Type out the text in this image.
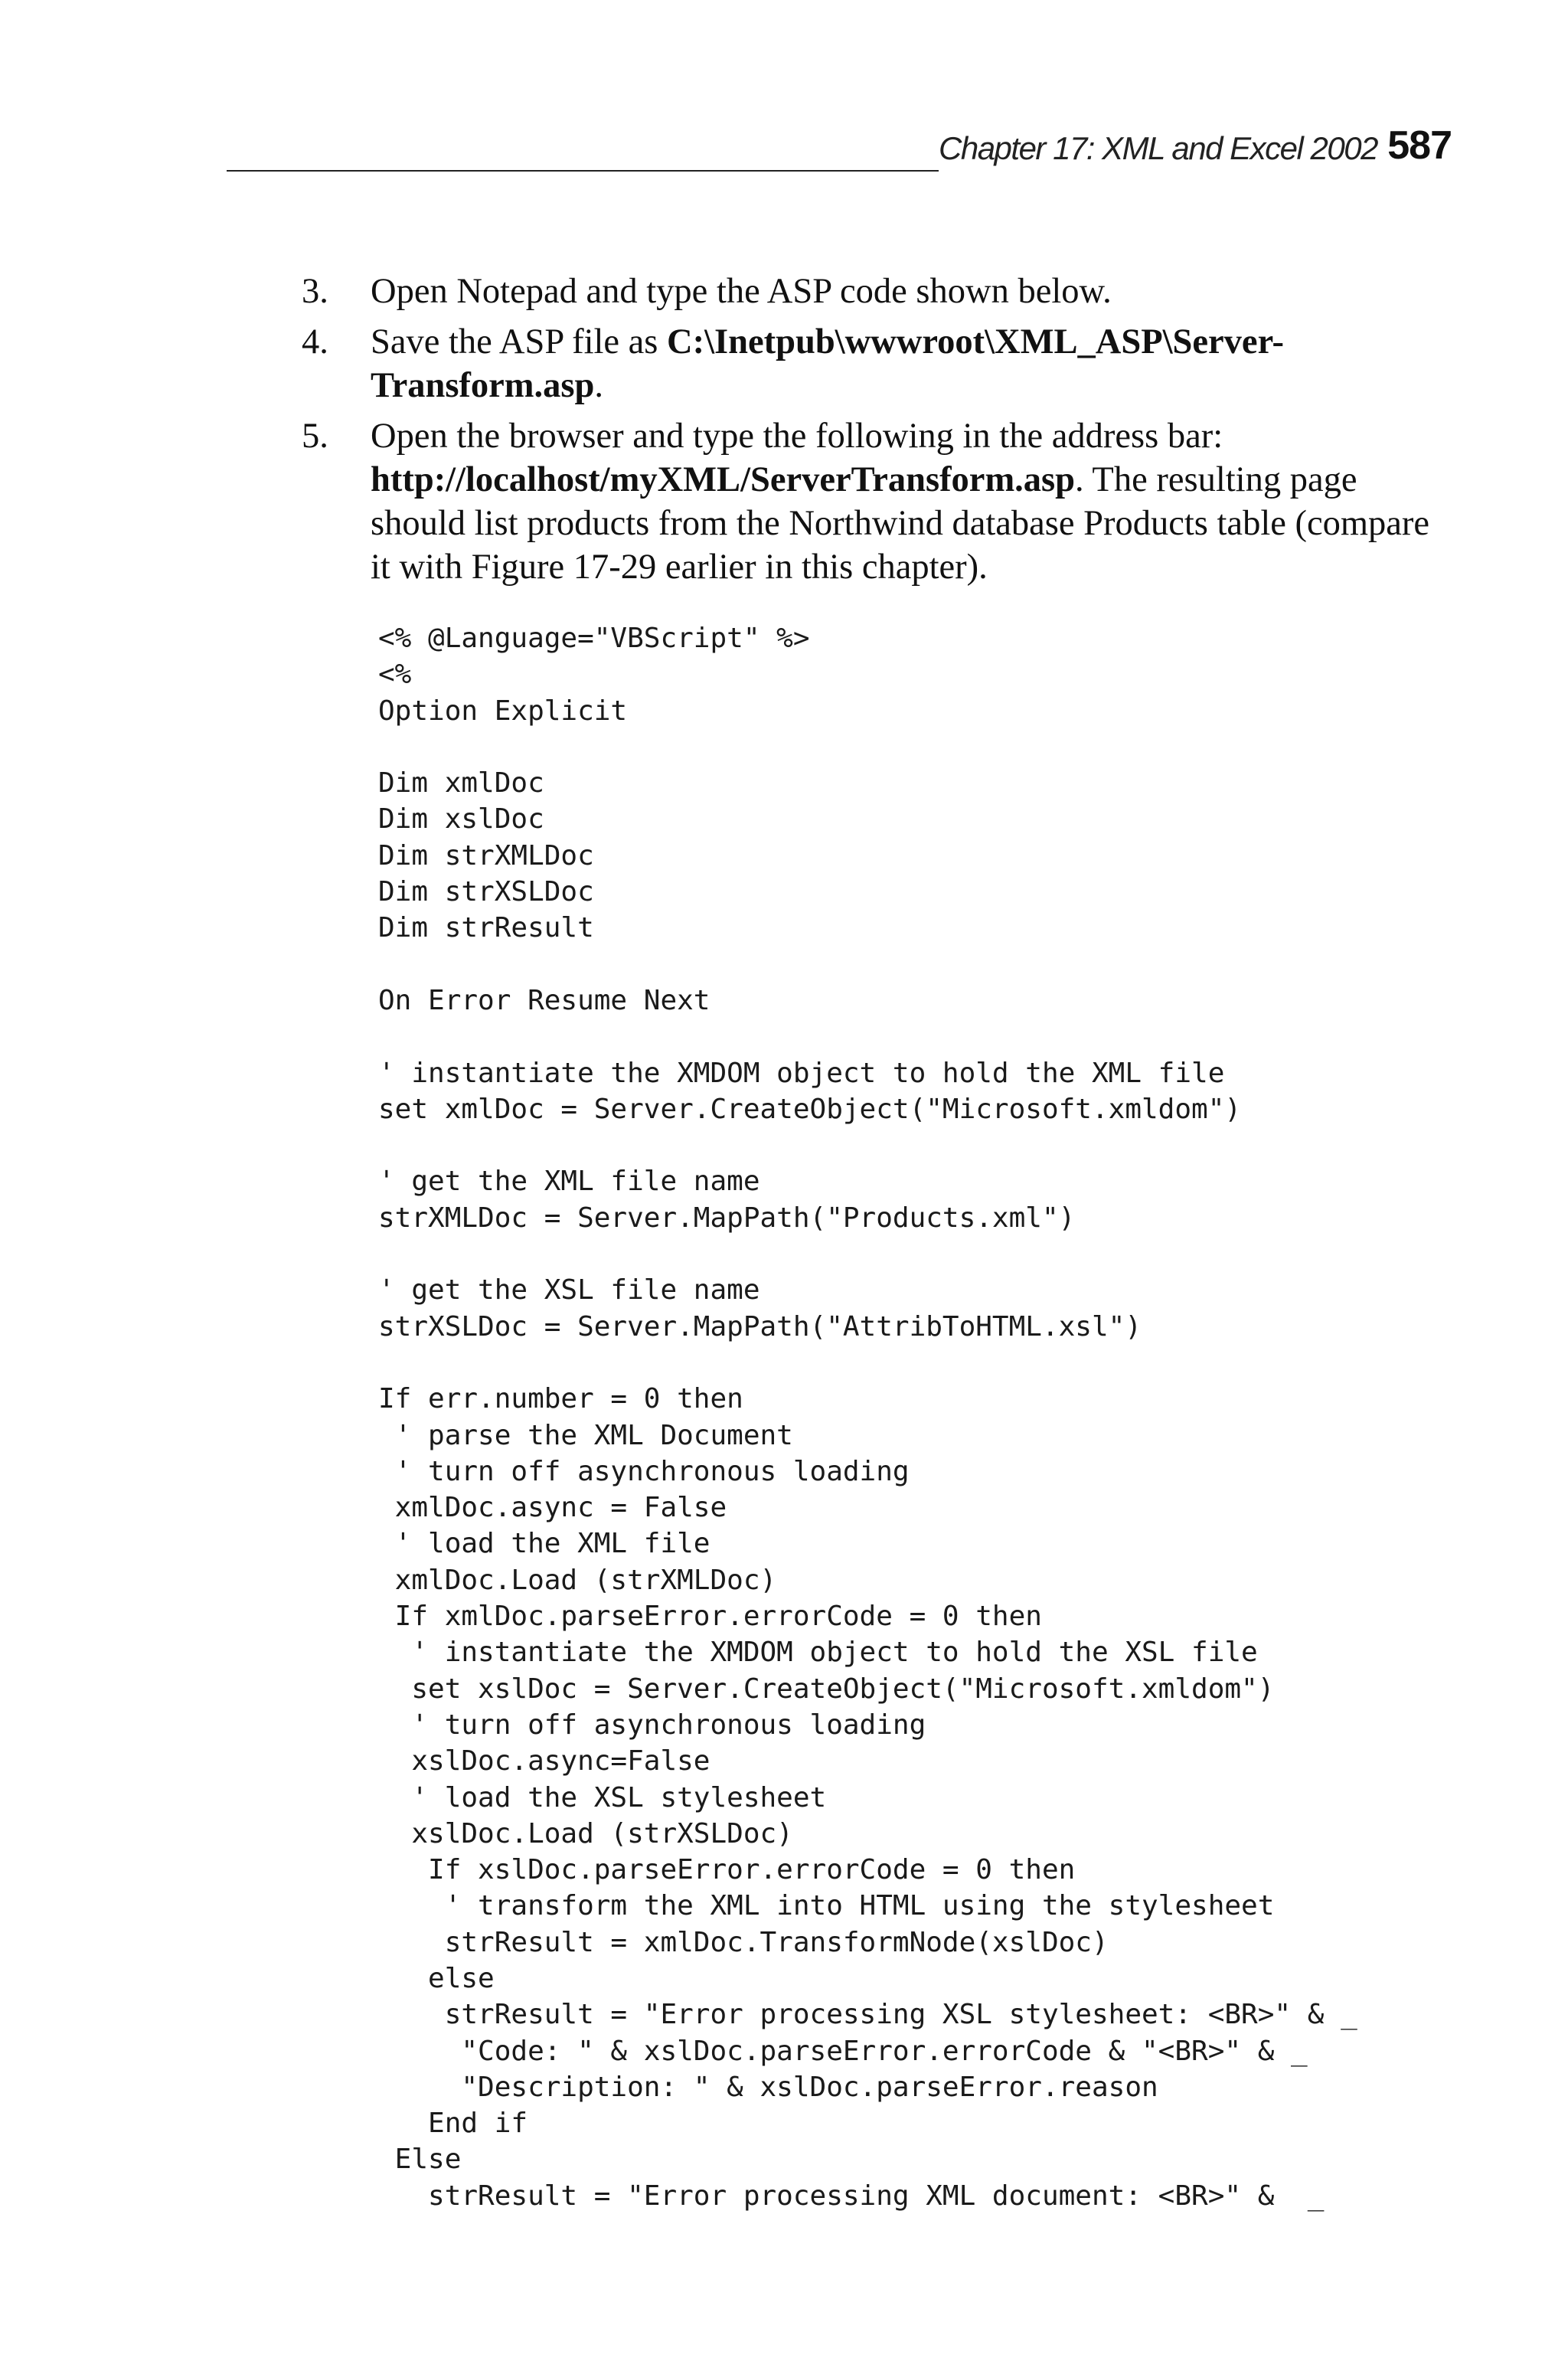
Chapter 17: XML and Excel 2002 587
3. Open Notepad and type the ASP code shown below.
4. Save the ASP file as C:\Inetpub\wwwroot\XML_ASP\Server-Transform.asp.
5. Open the browser and type the following in the address bar: http://localhost/myXML/ServerTransform.asp. The resulting page should list products from the Northwind database Products table (compare it with Figure 17-29 earlier in this chapter).
<% @Language="VBScript" %>
<%
Option Explicit

Dim xmlDoc
Dim xslDoc
Dim strXMLDoc
Dim strXSLDoc
Dim strResult

On Error Resume Next

' instantiate the XMDOM object to hold the XML file
set xmlDoc = Server.CreateObject("Microsoft.xmldom")

' get the XML file name
strXMLDoc = Server.MapPath("Products.xml")

' get the XSL file name
strXSLDoc = Server.MapPath("AttribToHTML.xsl")

If err.number = 0 then
' parse the XML Document
' turn off asynchronous loading
xmlDoc.async = False
' load the XML file
xmlDoc.Load (strXMLDoc)
If xmlDoc.parseError.errorCode = 0 then
' instantiate the XMDOM object to hold the XSL file
set xslDoc = Server.CreateObject("Microsoft.xmldom")
' turn off asynchronous loading
xslDoc.async=False
' load the XSL stylesheet
xslDoc.Load (strXSLDoc)
If xslDoc.parseError.errorCode = 0 then
' transform the XML into HTML using the stylesheet
strResult = xmlDoc.TransformNode(xslDoc)
else
strResult = "Error processing XSL stylesheet: <BR>" & _
"Code: " & xslDoc.parseError.errorCode & "<BR>" & _
"Description: " & xslDoc.parseError.reason
End if
Else
strResult = "Error processing XML document: <BR>" &  _
